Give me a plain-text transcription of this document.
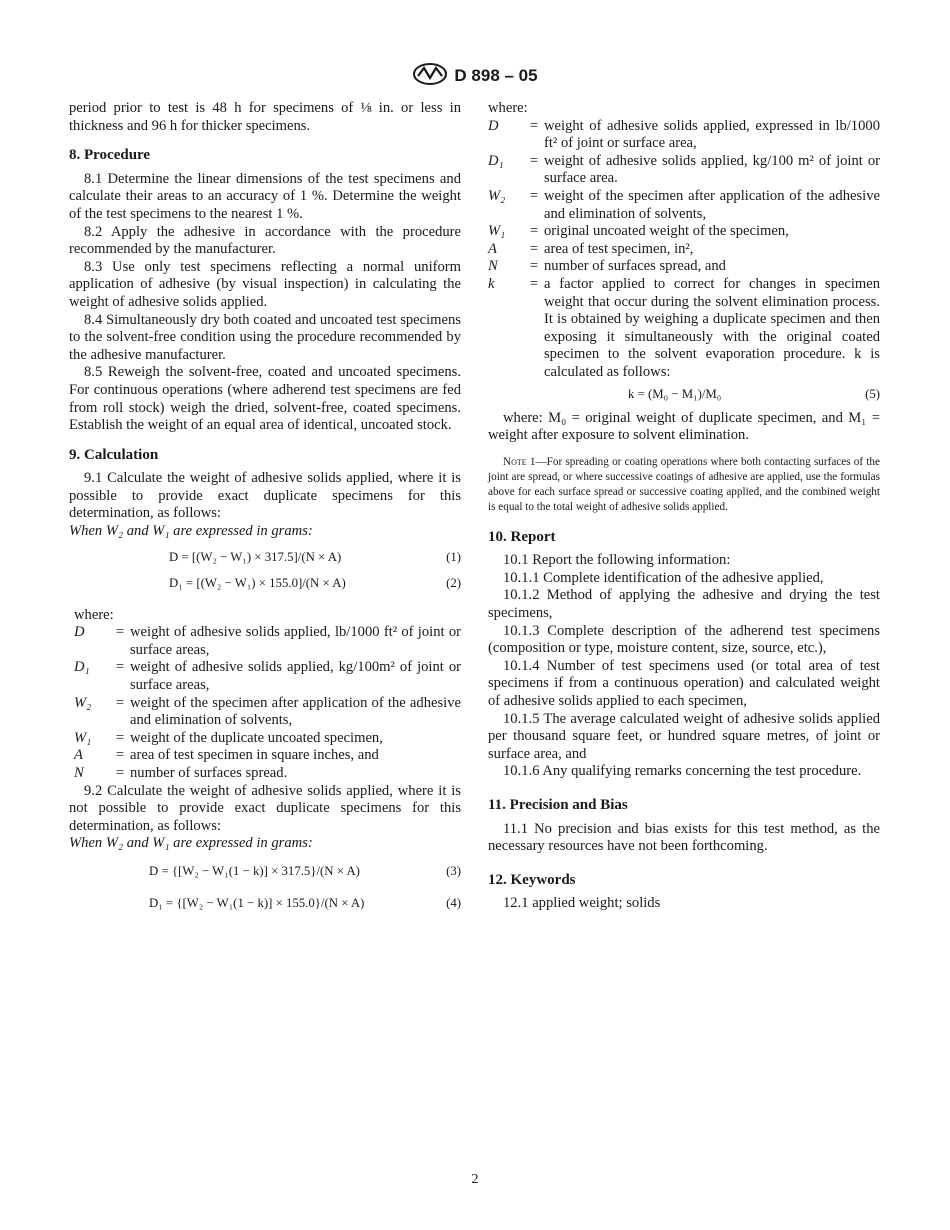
D 898 – 05

period prior to test is 48 h for specimens of ⅛ in. or less in thickness and 96 h for thicker specimens.

8. Procedure

8.1 Determine the linear dimensions of the test specimens and calculate their areas to an accuracy of 1 %. Determine the weight of the test specimens to the nearest 1 %.

8.2 Apply the adhesive in accordance with the procedure recommended by the manufacturer.

8.3 Use only test specimens reflecting a normal uniform application of adhesive (by visual inspection) in calculating the weight of adhesive solids applied.

8.4 Simultaneously dry both coated and uncoated test specimens to the solvent-free condition using the procedure recommended by the adhesive manufacturer.

8.5 Reweigh the solvent-free, coated and uncoated specimens. For continuous operations (where adherend test specimens are fed from roll stock) weigh the dried, solvent-free, coated specimens. Establish the weight of an equal area of identical, uncoated stock.

9. Calculation

9.1 Calculate the weight of adhesive solids applied, where it is possible to provide exact duplicate specimens for this determination, as follows:

When W₂ and W₁ are expressed in grams:

D = [(W₂ − W₁) × 317.5]/(N × A)	(1)
D₁ = [(W₂ − W₁) × 155.0]/(N × A)	(2)

where:

D	=	weight of adhesive solids applied, lb/1000 ft² of joint or surface areas,
D₁	=	weight of adhesive solids applied, kg/100m² of joint or surface areas,
W₂	=	weight of the specimen after application of the adhesive and elimination of solvents,
W₁	=	weight of the duplicate uncoated specimen,
A	=	area of test specimen in square inches, and
N	=	number of surfaces spread.

9.2 Calculate the weight of adhesive solids applied, where it is not possible to provide exact duplicate specimens for this determination, as follows:

When W₂ and W₁ are expressed in grams:

D = {[W₂ − W₁(1 − k)] × 317.5}/(N × A)	(3)
D₁ = {[W₂ − W₁(1 − k)] × 155.0}/(N × A)	(4)

where:

D	=	weight of adhesive solids applied, expressed in lb/1000 ft² of joint or surface area,
D₁	=	weight of adhesive solids applied, kg/100 m² of joint or surface area.
W₂	=	weight of the specimen after application of the adhesive and elimination of solvents,
W₁	=	original uncoated weight of the specimen,
A	=	area of test specimen, in²,
N	=	number of surfaces spread, and
k	=	a factor applied to correct for changes in specimen weight that occur during the solvent elimination process. It is obtained by weighing a duplicate specimen and then exposing it simultaneously with the original coated specimen to the solvent evaporation procedure. k is calculated as follows:
k = (M₀ − M₁)/M₀	(5)

where: M₀ = original weight of duplicate specimen, and M₁ = weight after exposure to solvent elimination.

Note 1—For spreading or coating operations where both contacting surfaces of the joint are spread, or where successive coatings of adhesive are applied, use the formulas above for each surface spread or successive coating applied, and the combined weight is equal to the total weight of adhesive solids applied.

10. Report

10.1 Report the following information:

10.1.1 Complete identification of the adhesive applied,

10.1.2 Method of applying the adhesive and drying the test specimens,

10.1.3 Complete description of the adherend test specimens (composition or type, moisture content, size, source, etc.),

10.1.4 Number of test specimens used (or total area of test specimens if from a continuous operation) and calculated weight of adhesive solids applied to each specimen,

10.1.5 The average calculated weight of adhesive solids applied per thousand square feet, or hundred square metres, of joint or surface area, and

10.1.6 Any qualifying remarks concerning the test procedure.

11. Precision and Bias

11.1 No precision and bias exists for this test method, as the necessary resources have not been forthcoming.

12. Keywords

12.1 applied weight; solids

2
